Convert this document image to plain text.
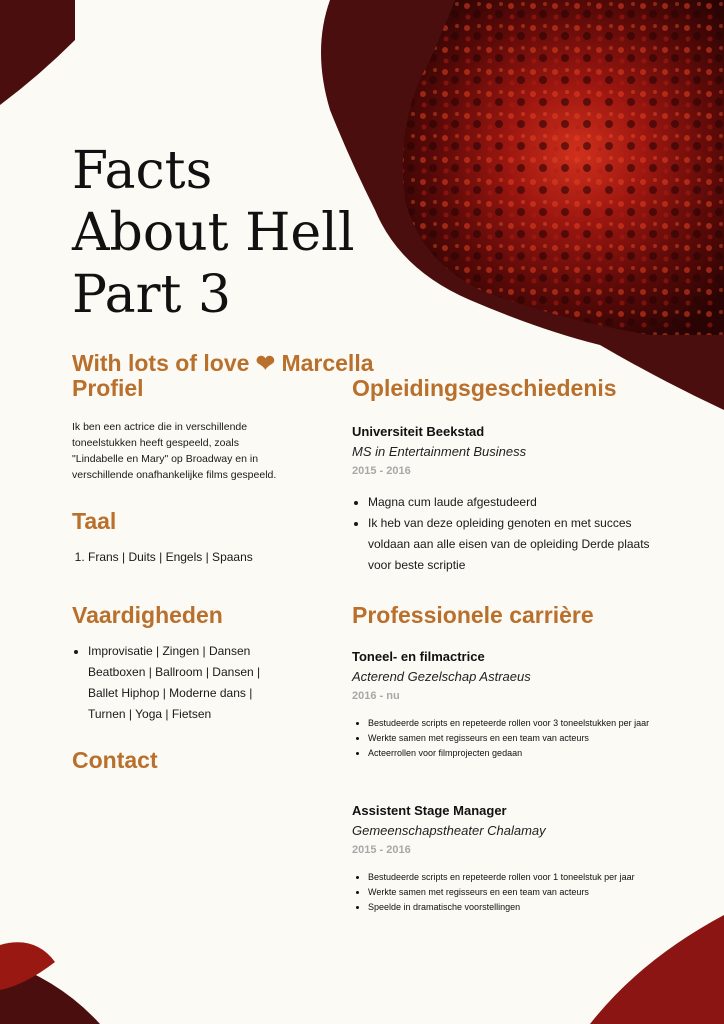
Facts
About Hell
Part 3
With lots of love ❤ Marcella
Profiel
Ik ben een actrice die in verschillende toneelstukken heeft gespeeld, zoals "Lindabelle en Mary" op Broadway en in verschillende onafhankelijke films gespeeld.
Taal
1. Frans | Duits | Engels | Spaans
Vaardigheden
• Improvisatie | Zingen | Dansen Beatboxen | Ballroom | Dansen | Ballet Hiphop | Moderne dans | Turnen | Yoga | Fietsen
Contact
Opleidingsgeschiedenis
Universiteit Beekstad
MS in Entertainment Business
2015 - 2016
• Magna cum laude afgestudeerd
• Ik heb van deze opleiding genoten en met succes voldaan aan alle eisen van de opleiding Derde plaats voor beste scriptie
Professionele carrière
Toneel- en filmactrice
Acterend Gezelschap Astraeus
2016 - nu
• Bestudeerde scripts en repeteerde rollen voor 3 toneelstukken per jaar
• Werkte samen met regisseurs en een team van acteurs
• Acteerrollen voor filmprojecten gedaan
Assistent Stage Manager
Gemeenschapstheater Chalamay
2015 - 2016
• Bestudeerde scripts en repeteerde rollen voor 1 toneelstuk per jaar
• Werkte samen met regisseurs en een team van acteurs
• Speelde in dramatische voorstellingen
